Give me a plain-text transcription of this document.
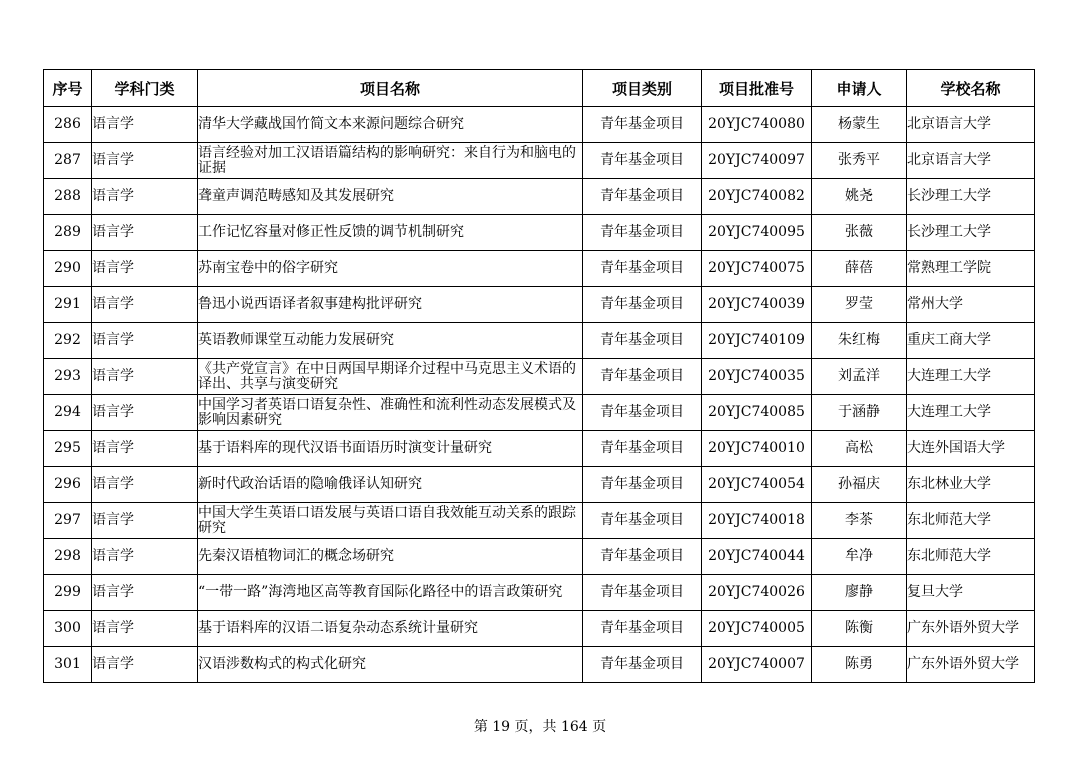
序号	学科门类	项目名称	项目类别	项目批准号	申请人	学校名称
286	语言学	清华大学藏战国竹简文本来源问题综合研究	青年基金项目	20YJC740080	杨蒙生	北京语言大学
287	语言学	语言经验对加工汉语语篇结构的影响研究：来自行为和脑电的证据	青年基金项目	20YJC740097	张秀平	北京语言大学
288	语言学	聋童声调范畴感知及其发展研究	青年基金项目	20YJC740082	姚尧	长沙理工大学
289	语言学	工作记忆容量对修正性反馈的调节机制研究	青年基金项目	20YJC740095	张薇	长沙理工大学
290	语言学	苏南宝卷中的俗字研究	青年基金项目	20YJC740075	薛蓓	常熟理工学院
291	语言学	鲁迅小说西语译者叙事建构批评研究	青年基金项目	20YJC740039	罗莹	常州大学
292	语言学	英语教师课堂互动能力发展研究	青年基金项目	20YJC740109	朱红梅	重庆工商大学
293	语言学	《共产党宣言》在中日两国早期译介过程中马克思主义术语的译出、共享与演变研究	青年基金项目	20YJC740035	刘孟洋	大连理工大学
294	语言学	中国学习者英语口语复杂性、准确性和流利性动态发展模式及影响因素研究	青年基金项目	20YJC740085	于涵静	大连理工大学
295	语言学	基于语料库的现代汉语书面语历时演变计量研究	青年基金项目	20YJC740010	高松	大连外国语大学
296	语言学	新时代政治话语的隐喻俄译认知研究	青年基金项目	20YJC740054	孙福庆	东北林业大学
297	语言学	中国大学生英语口语发展与英语口语自我效能互动关系的跟踪研究	青年基金项目	20YJC740018	李茶	东北师范大学
298	语言学	先秦汉语植物词汇的概念场研究	青年基金项目	20YJC740044	牟净	东北师范大学
299	语言学	“一带一路”海湾地区高等教育国际化路径中的语言政策研究	青年基金项目	20YJC740026	廖静	复旦大学
300	语言学	基于语料库的汉语二语复杂动态系统计量研究	青年基金项目	20YJC740005	陈衡	广东外语外贸大学
301	语言学	汉语涉数构式的构式化研究	青年基金项目	20YJC740007	陈勇	广东外语外贸大学
第 19 页，共 164 页
